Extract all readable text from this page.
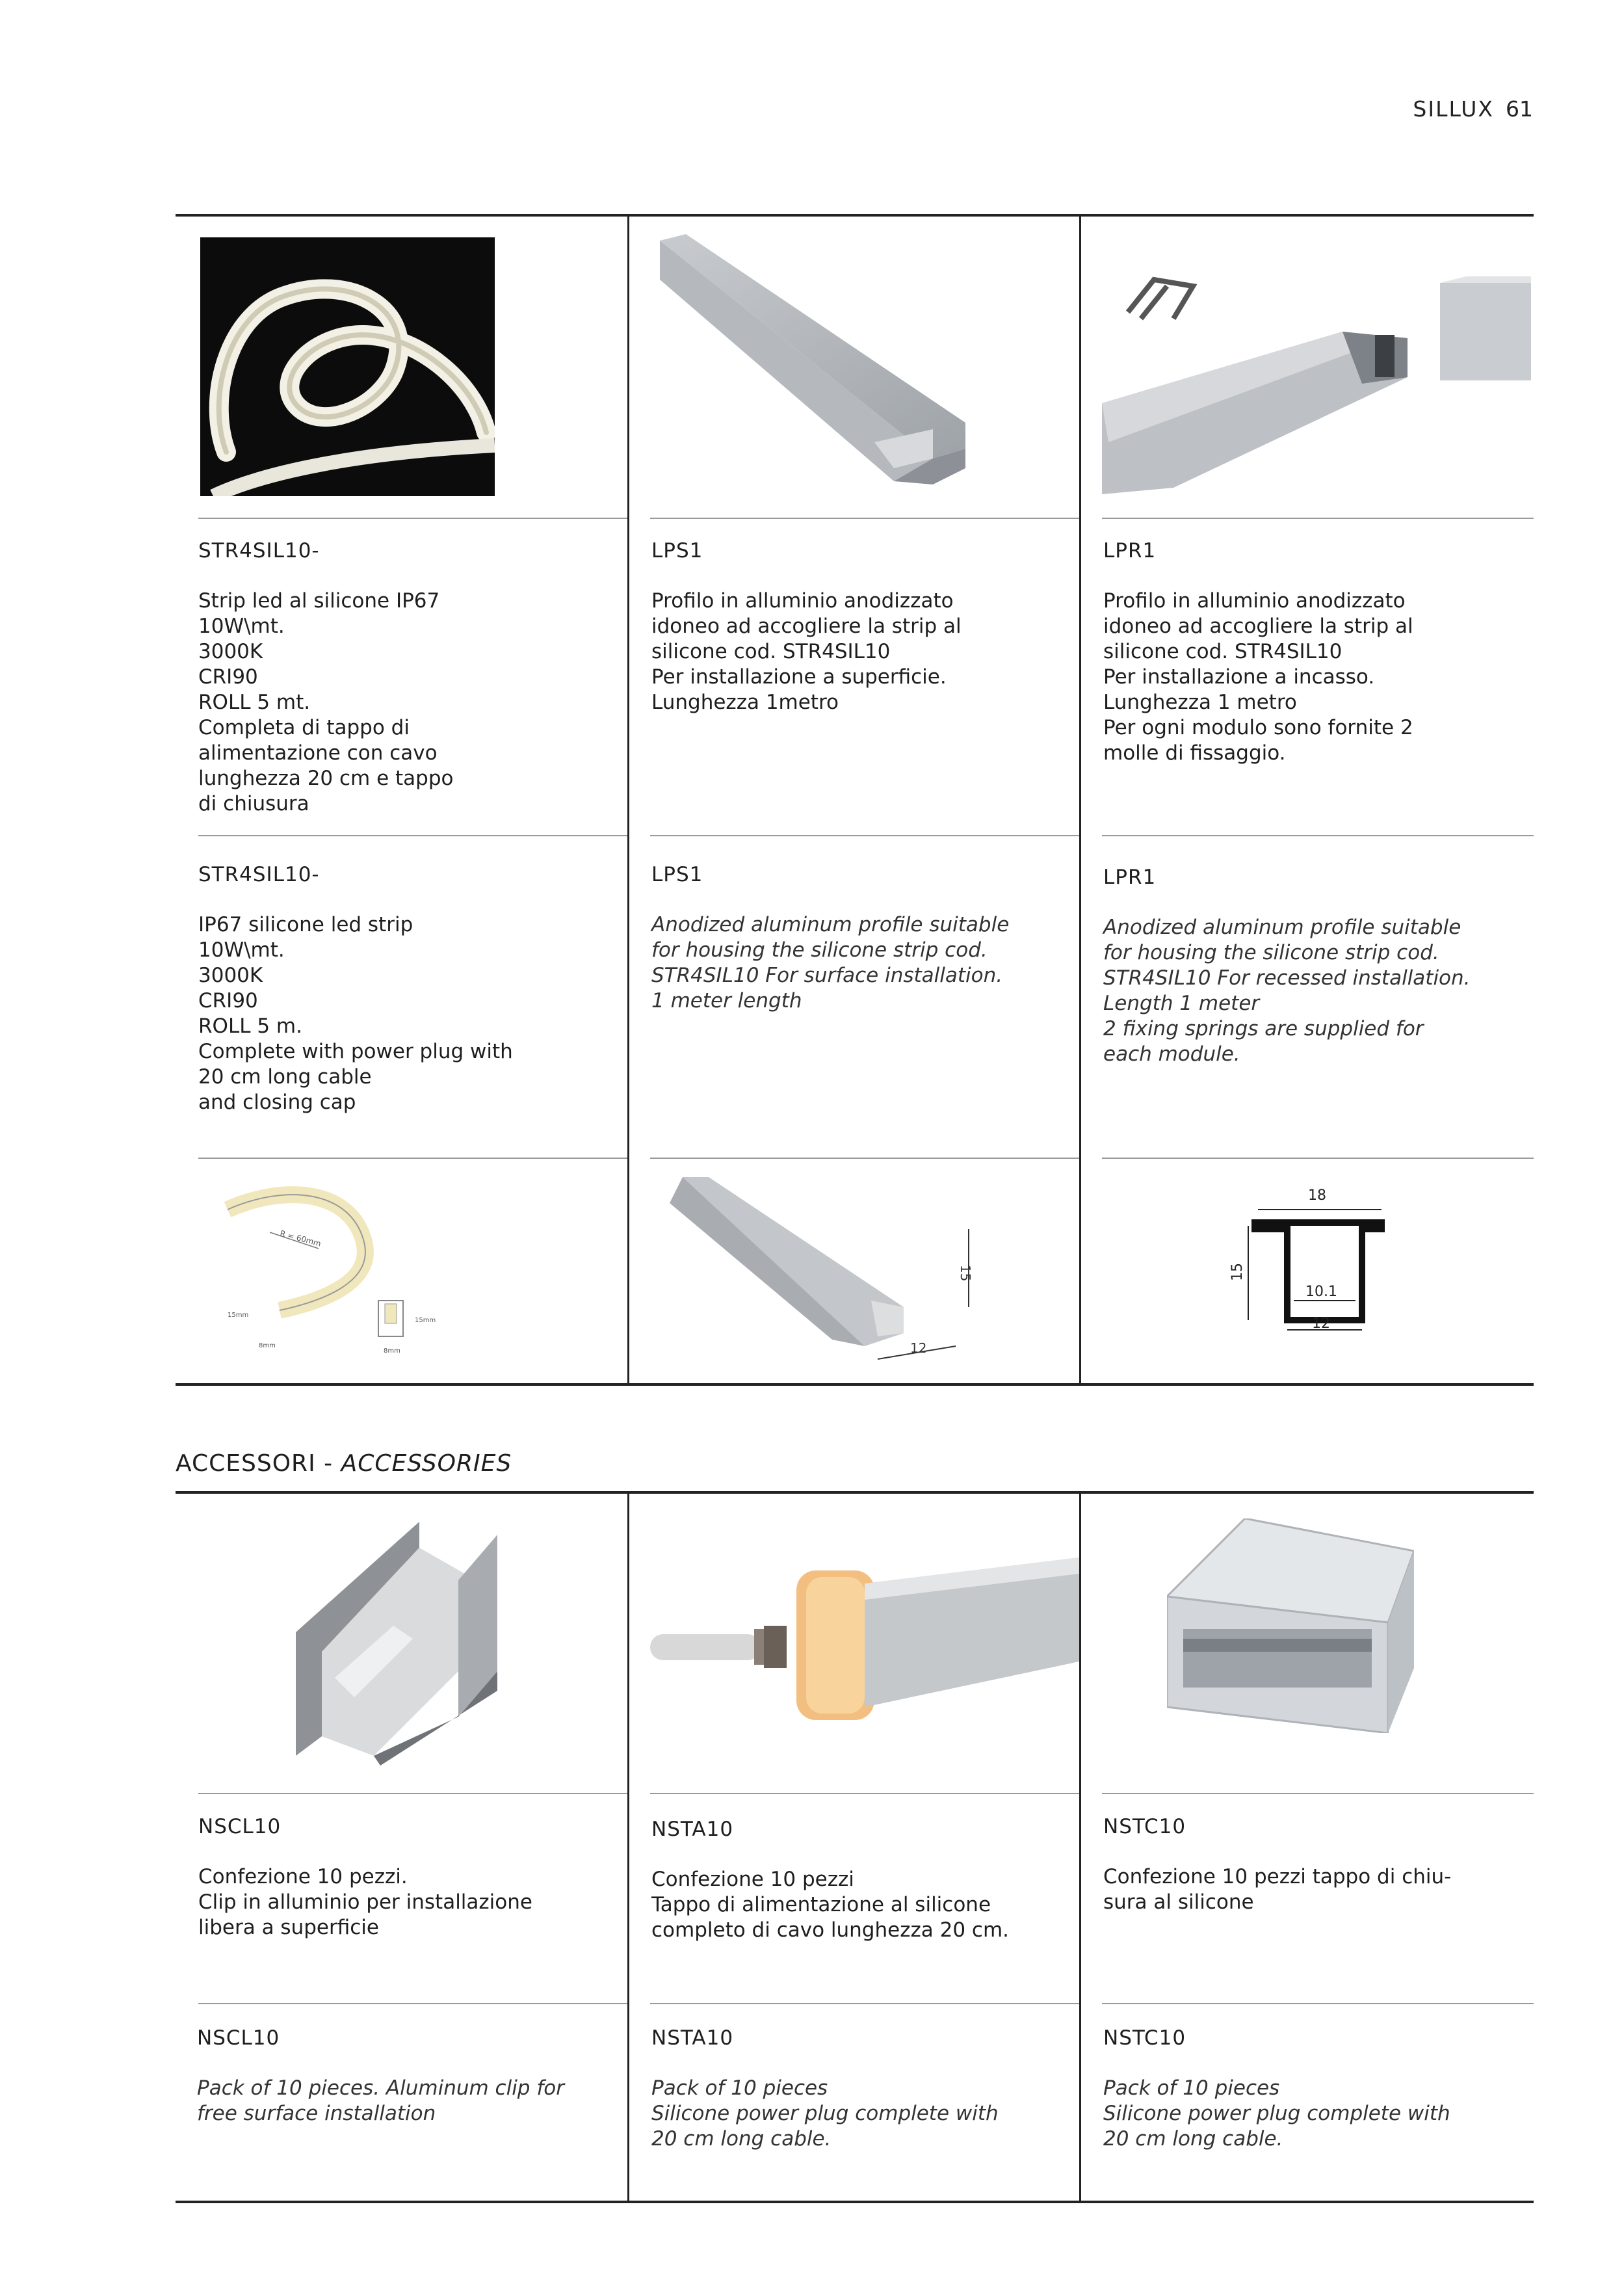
SILLUX 61
STR4SIL10-
Strip led al silicone IP67
10W\mt.
3000K
CRI90
ROLL 5 mt.
Completa di tappo di
alimentazione con cavo
lunghezza 20 cm e tappo
di chiusura
LPS1
Profilo in alluminio anodizzato
idoneo ad accogliere la strip al
silicone cod. STR4SIL10
Per installazione a superficie.
Lunghezza 1metro
LPR1
Profilo in alluminio anodizzato
idoneo ad accogliere la strip al
silicone cod. STR4SIL10
Per installazione a incasso.
Lunghezza 1 metro
Per ogni modulo sono fornite 2
molle di fissaggio.
STR4SIL10-
IP67 silicone led strip
10W\mt.
3000K
CRI90
ROLL 5 m.
Complete with power plug with
20 cm long cable
and closing cap
LPS1
Anodized aluminum profile suitable
for housing the silicone strip cod.
STR4SIL10 For surface installation.
1 meter length
LPR1
Anodized aluminum profile suitable
for housing the silicone strip cod.
STR4SIL10 For recessed installation.
Length 1 meter
2 fixing springs are supplied for
each module.
R = 60mm
15mm
8mm
15mm
8mm
15
12
18
15
10.1
12
ACCESSORI - ACCESSORIES
NSCL10
Confezione 10 pezzi.
Clip in alluminio per installazione
libera a superficie
NSTA10
Confezione 10 pezzi
Tappo di alimentazione al silicone
completo di cavo lunghezza 20 cm.
NSTC10
Confezione 10 pezzi tappo di chiu-
sura al silicone
NSCL10
Pack of 10 pieces. Aluminum clip for
free surface installation
NSTA10
Pack of 10 pieces
Silicone power plug complete with
20 cm long cable.
NSTC10
Pack of 10 pieces
Silicone power plug complete with
20 cm long cable.
